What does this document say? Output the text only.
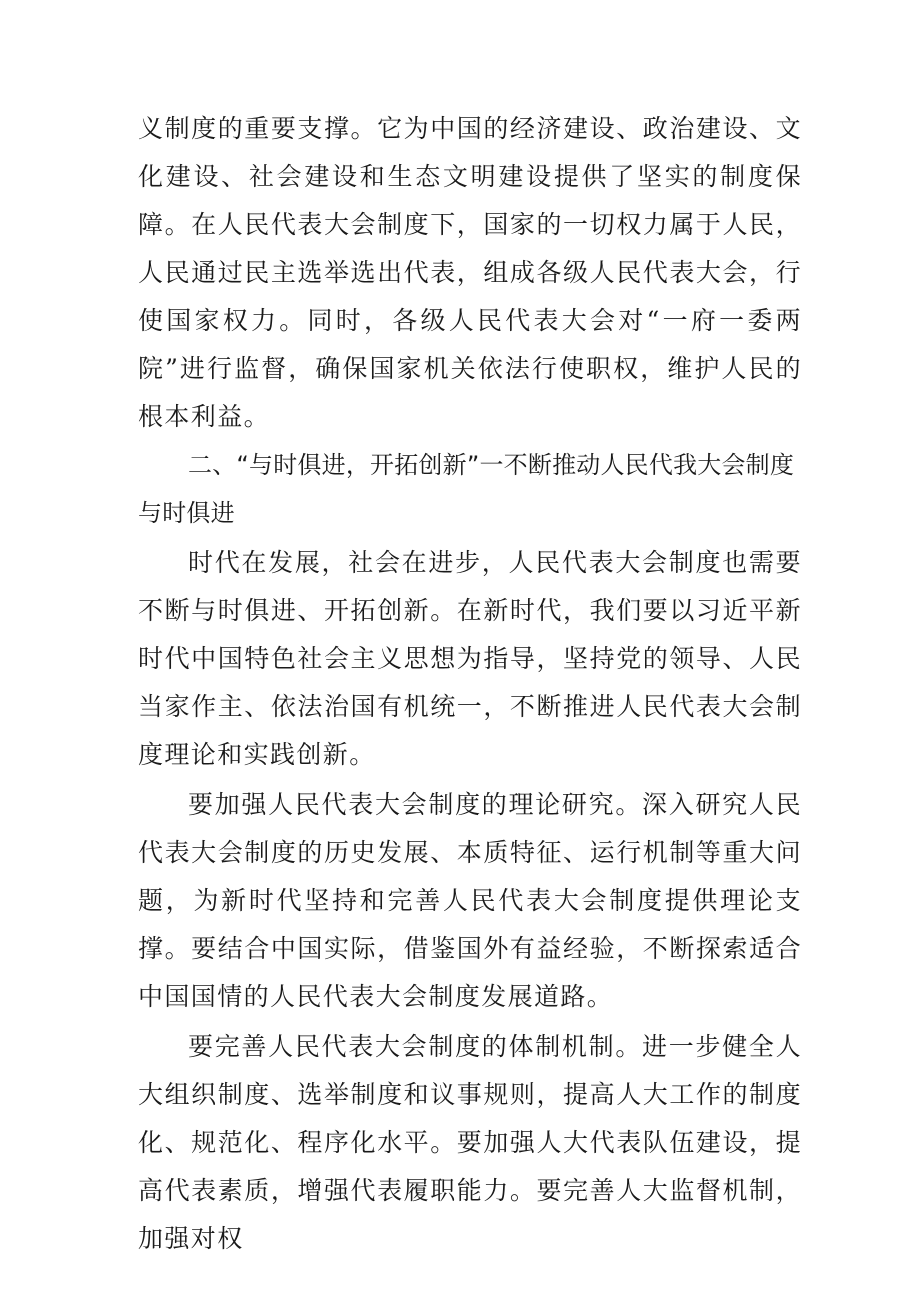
义制度的重要支撑。它为中国的经济建设、政治建设、文化建设、社会建设和生态文明建设提供了坚实的制度保障。在人民代表大会制度下，国家的一切权力属于人民，人民通过民主选举选出代表，组成各级人民代表大会，行使国家权力。同时，各级人民代表大会对“一府一委两院”进行监督，确保国家机关依法行使职权，维护人民的根本利益。

二、“与时俱进，开拓创新”一不断推动人民代我大会制度与时俱进

时代在发展，社会在进步，人民代表大会制度也需要不断与时俱进、开拓创新。在新时代，我们要以习近平新时代中国特色社会主义思想为指导，坚持党的领导、人民当家作主、依法治国有机统一，不断推进人民代表大会制度理论和实践创新。

要加强人民代表大会制度的理论研究。深入研究人民代表大会制度的历史发展、本质特征、运行机制等重大问题，为新时代坚持和完善人民代表大会制度提供理论支撑。要结合中国实际，借鉴国外有益经验，不断探索适合中国国情的人民代表大会制度发展道路。

要完善人民代表大会制度的体制机制。进一步健全人大组织制度、选举制度和议事规则，提高人大工作的制度化、规范化、程序化水平。要加强人大代表队伍建设，提高代表素质，增强代表履职能力。要完善人大监督机制，加强对权
